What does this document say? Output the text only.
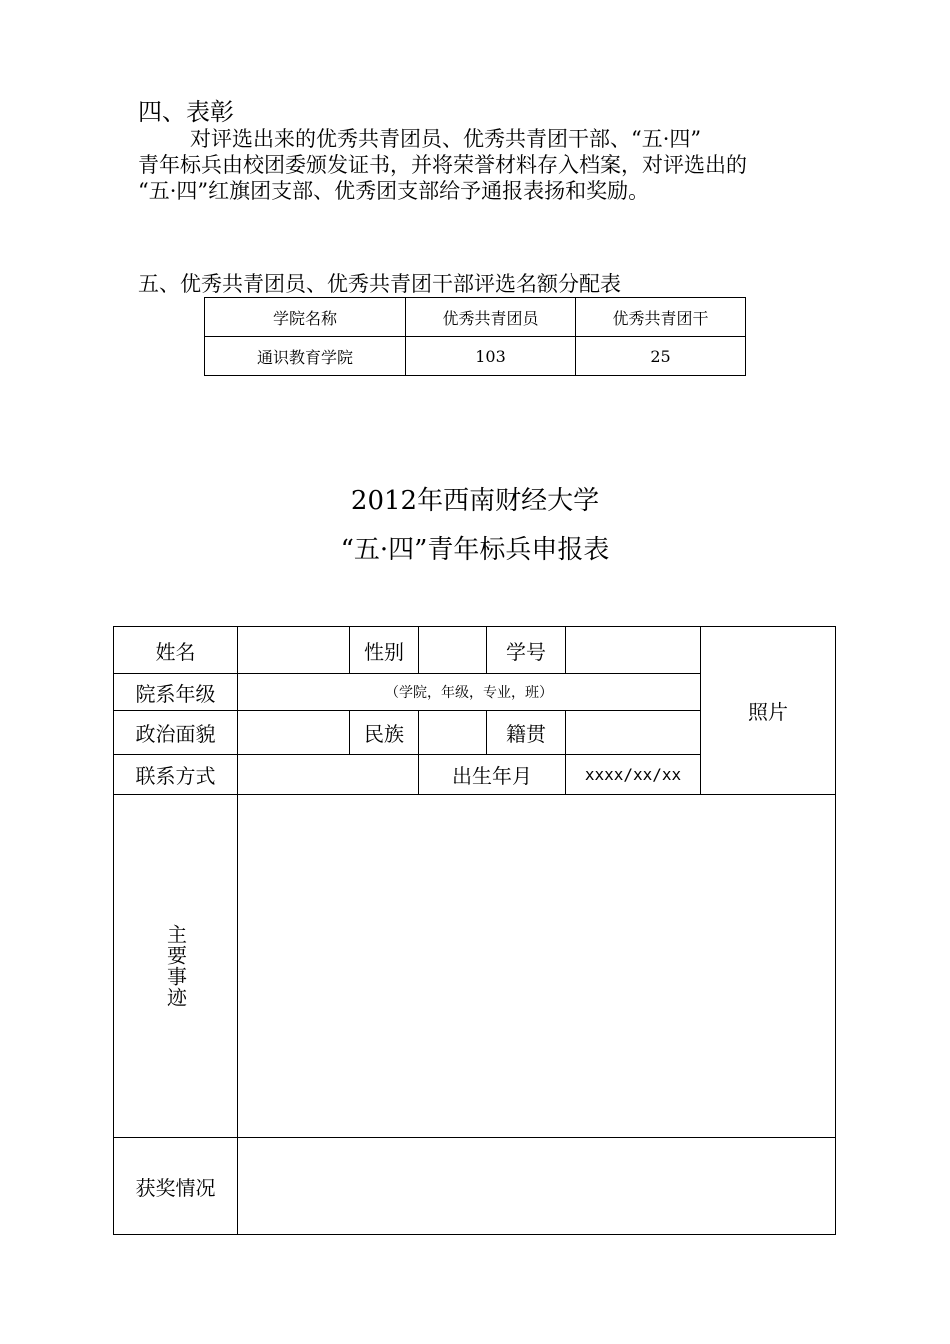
四、表彰

对评选出来的优秀共青团员、优秀共青团干部、“五·四”

青年标兵由校团委颁发证书，并将荣誉材料存入档案，对评选出的

“五·四”红旗团支部、优秀团支部给予通报表扬和奖励。

五、优秀共青团员、优秀共青团干部评选名额分配表
学院名称	优秀共青团员	优秀共青团干
通识教育学院	103	25
2012年西南财经大学
“五·四”青年标兵申报表
姓名		性别		学号		照片
院系年级	（学院，年级，专业，班）					
政治面貌		民族		籍贯		
联系方式			出生年月		xxxx/xx/xx	

主要事迹						

获奖情况						
